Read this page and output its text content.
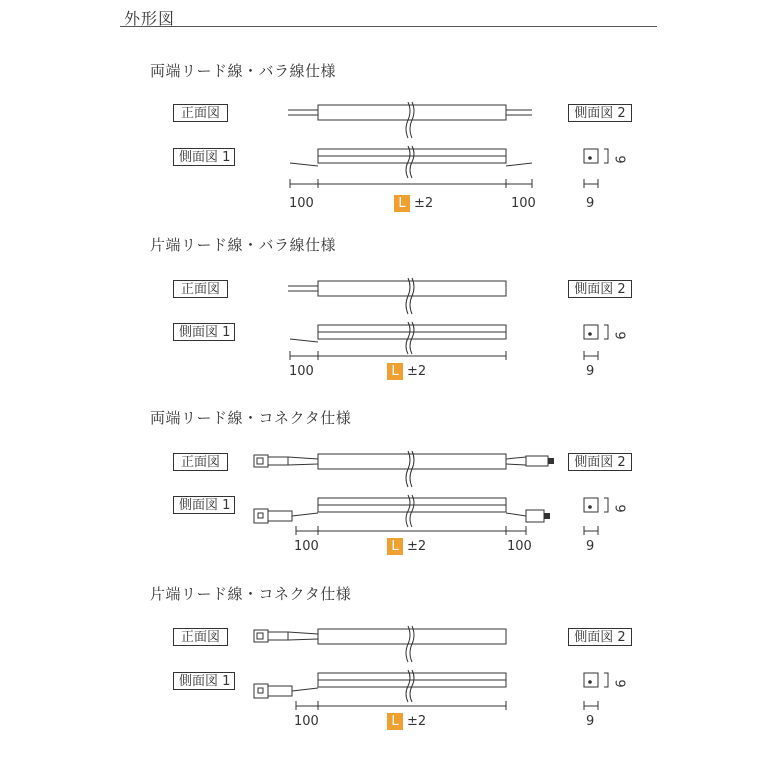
外形図
両端リード線・バラ線仕様
正面図
側面図 1
側面図 2
100	L ±2	100	9
9
片端リード線・バラ線仕様
正面図
側面図 1
側面図 2
100	L ±2	9
9
両端リード線・コネクタ仕様
正面図
側面図 1
側面図 2
100	L ±2	100	9
9
片端リード線・コネクタ仕様
正面図
側面図 1
側面図 2
100	L ±2	9
9
